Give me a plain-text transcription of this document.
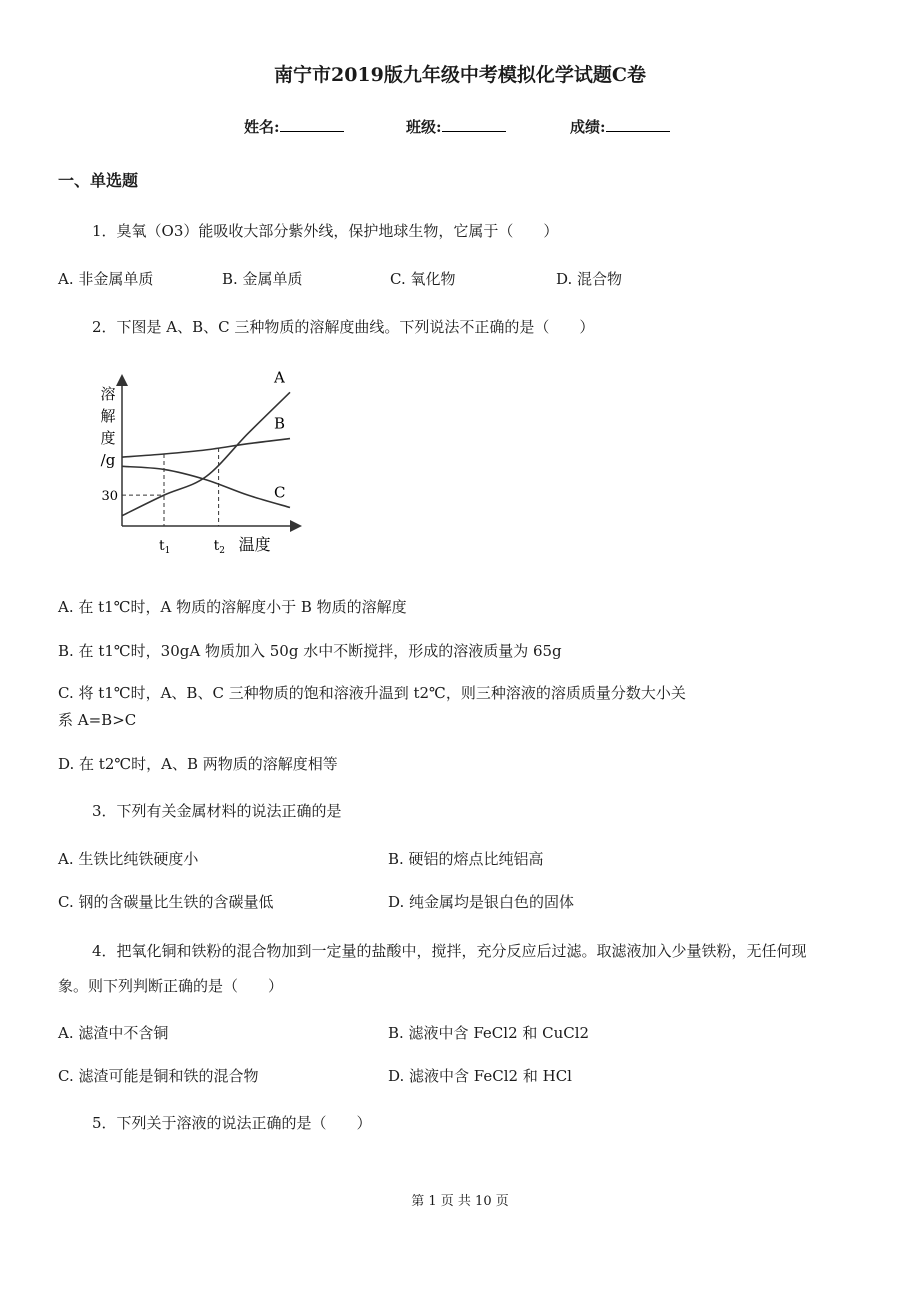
南宁市2019版九年级中考模拟化学试题C卷
姓名:	班级:	成绩:
一、单选题
1．臭氧（O3）能吸收大部分紫外线，保护地球生物，它属于（　　）
A. 非金属单质	B. 金属单质	C. 氧化物	D. 混合物
2．下图是 A、B、C 三种物质的溶解度曲线。下列说法不正确的是（　　）
溶
解
度
/g
30
A
B
C
$t_1$	$t_2$ 温度
A. 在 t1℃时，A 物质的溶解度小于 B 物质的溶解度
B. 在 t1℃时，30gA 物质加入 50g 水中不断搅拌，形成的溶液质量为 65g
C. 将 t1℃时，A、B、C 三种物质的饱和溶液升温到 t2℃，则三种溶液的溶质质量分数大小关
系 A=B>C
D. 在 t2℃时，A、B 两物质的溶解度相等
3．下列有关金属材料的说法正确的是
A. 生铁比纯铁硬度小	B. 硬铝的熔点比纯铝高
C. 钢的含碳量比生铁的含碳量低	D. 纯金属均是银白色的固体
4．把氧化铜和铁粉的混合物加到一定量的盐酸中，搅拌，充分反应后过滤。取滤液加入少量铁粉，无任何现
象。则下列判断正确的是（　　）
A. 滤渣中不含铜	B. 滤液中含 FeCl2 和 CuCl2
C. 滤渣可能是铜和铁的混合物	D. 滤液中含 FeCl2 和 HCl
5．下列关于溶液的说法正确的是（　　）
第 1 页 共 10 页
